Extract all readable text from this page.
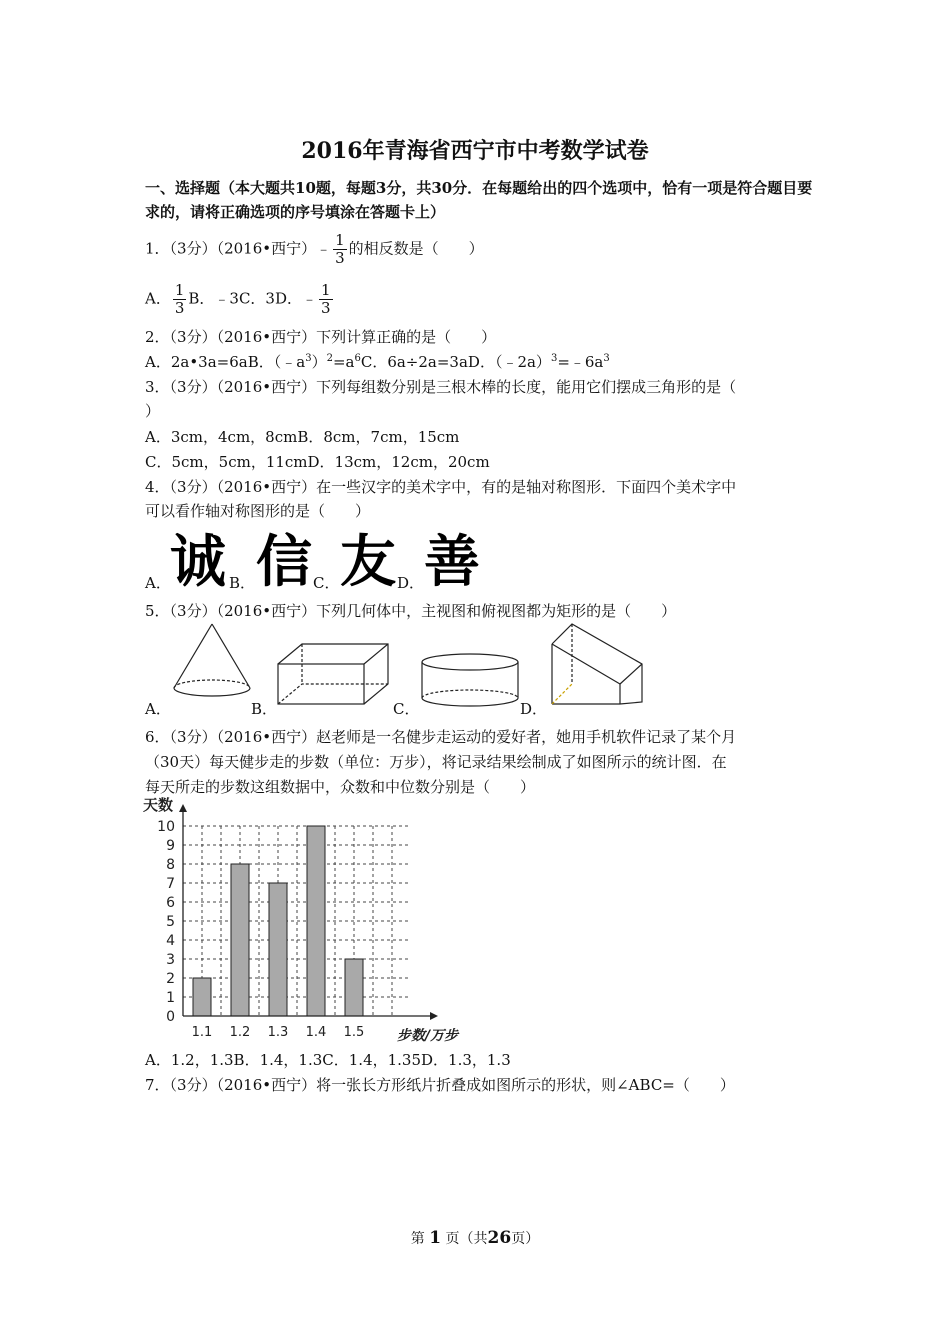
2016年青海省西宁市中考数学试卷
一、选择题（本大题共10题，每题3分，共30分．在每题给出的四个选项中，恰有一项是符合题目要求的，请将正确选项的序号填涂在答题卡上）
1．（3分）（2016•西宁）﹣ $\frac{1}{3}$ 的相反数是（　　）
A． $\frac{1}{3}$ B．﹣3C．3D．﹣ $\frac{1}{3}$
2．（3分）（2016•西宁）下列计算正确的是（　　）
A．2a•3a=6aB．$(﹣a^3)^2=a^6C$．6a÷2a=3aD．$(﹣2a)^3=﹣6a^3$
3．（3分）（2016•西宁）下列每组数分别是三根木棒的长度，能用它们摆成三角形的是（
）
A．3cm，4cm，8cmB．8cm，7cm，15cm
C．5cm，5cm，11cmD．13cm，12cm，20cm
4．（3分）（2016•西宁）在一些汉字的美术字中，有的是轴对称图形．下面四个美术字中
可以看作轴对称图形的是（　　）
诚 信 友 善
A．	B．	C．	D．
5．（3分）（2016•西宁）下列几何体中，主视图和俯视图都为矩形的是（　　）
A．	B．	C．	D．
6．（3分）（2016•西宁）赵老师是一名健步走运动的爱好者，她用手机软件记录了某个月
（30天）每天健步走的步数（单位：万步），将记录结果绘制成了如图所示的统计图．在
每天所走的步数这组数据中，众数和中位数分别是（　　）
1.1 1.2 1.3 1.4 1.5
0
1
2
3
4
5
6
7
8
9
10
天数
步数/万步
A．1.2，1.3B．1.4，1.3C．1.4，1.35D．1.3，1.3
7．（3分）（2016•西宁）将一张长方形纸片折叠成如图所示的形状，则∠ABC=（　　）
第 1 页（共26页）
